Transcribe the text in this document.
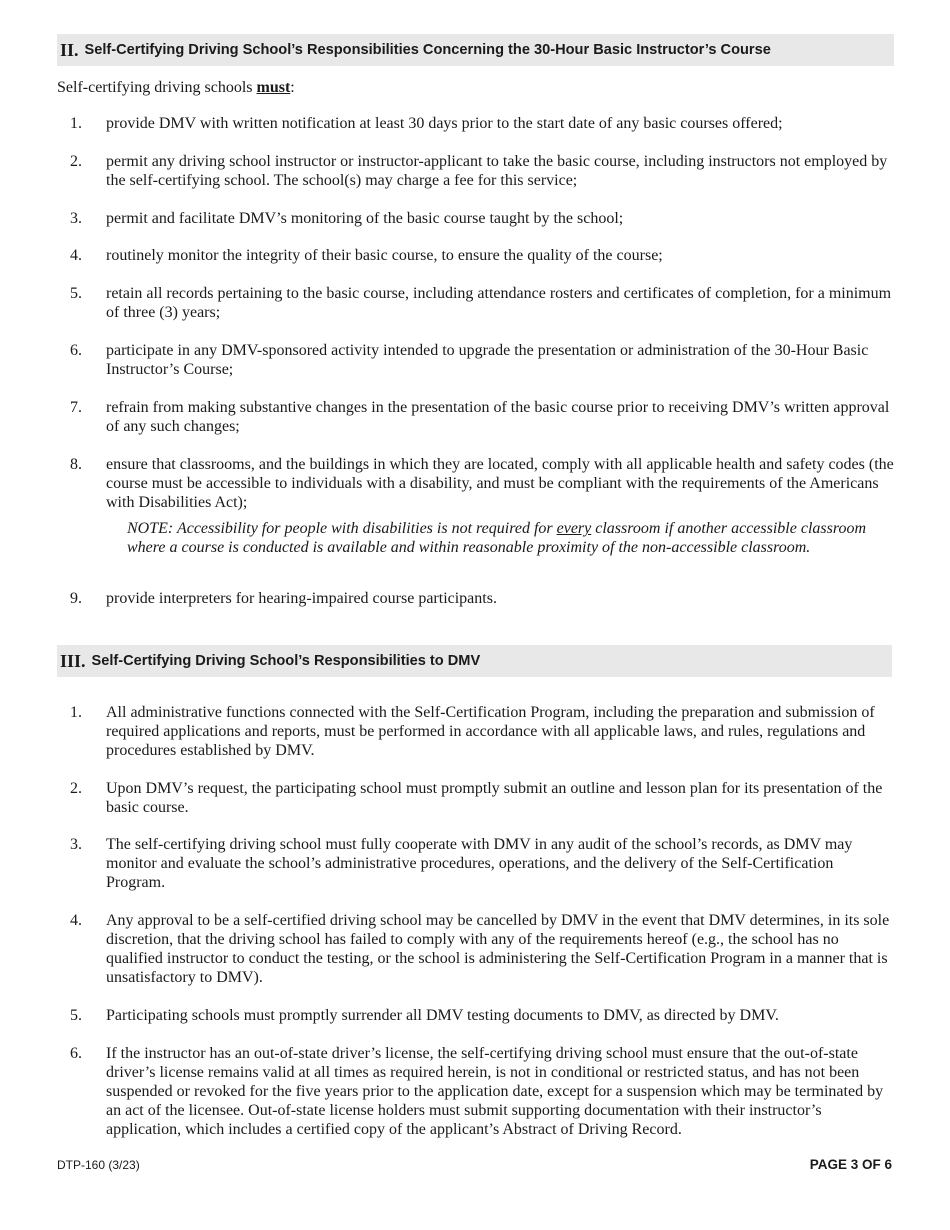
II. Self-Certifying Driving School’s Responsibilities Concerning the 30-Hour Basic Instructor’s Course
Self-certifying driving schools must:
1. provide DMV with written notification at least 30 days prior to the start date of any basic courses offered;
2. permit any driving school instructor or instructor-applicant to take the basic course, including instructors not employed by the self-certifying school. The school(s) may charge a fee for this service;
3. permit and facilitate DMV’s monitoring of the basic course taught by the school;
4. routinely monitor the integrity of their basic course, to ensure the quality of the course;
5. retain all records pertaining to the basic course, including attendance rosters and certificates of completion, for a minimum of three (3) years;
6. participate in any DMV-sponsored activity intended to upgrade the presentation or administration of the 30-Hour Basic Instructor’s Course;
7. refrain from making substantive changes in the presentation of the basic course prior to receiving DMV’s written approval of any such changes;
8. ensure that classrooms, and the buildings in which they are located, comply with all applicable health and safety codes (the course must be accessible to individuals with a disability, and must be compliant with the requirements of the Americans with Disabilities Act);
9. provide interpreters for hearing-impaired course participants.
NOTE: Accessibility for people with disabilities is not required for every classroom if another accessible classroom where a course is conducted is available and within reasonable proximity of the non-accessible classroom.
III. Self-Certifying Driving School’s Responsibilities to DMV
1. All administrative functions connected with the Self-Certification Program, including the preparation and submission of required applications and reports, must be performed in accordance with all applicable laws, and rules, regulations and procedures established by DMV.
2. Upon DMV’s request, the participating school must promptly submit an outline and lesson plan for its presentation of the basic course.
3. The self-certifying driving school must fully cooperate with DMV in any audit of the school’s records, as DMV may monitor and evaluate the school’s administrative procedures, operations, and the delivery of the Self-Certification Program.
4. Any approval to be a self-certified driving school may be cancelled by DMV in the event that DMV determines, in its sole discretion, that the driving school has failed to comply with any of the requirements hereof (e.g., the school has no qualified instructor to conduct the testing, or the school is administering the Self-Certification Program in a manner that is unsatisfactory to DMV).
5. Participating schools must promptly surrender all DMV testing documents to DMV, as directed by DMV.
6. If the instructor has an out-of-state driver’s license, the self-certifying driving school must ensure that the out-of-state driver’s license remains valid at all times as required herein, is not in conditional or restricted status, and has not been suspended or revoked for the five years prior to the application date, except for a suspension which may be terminated by an act of the licensee. Out-of-state license holders must submit supporting documentation with their instructor’s application, which includes a certified copy of the applicant’s Abstract of Driving Record.
DTP-160 (3/23)	PAGE 3 OF 6
